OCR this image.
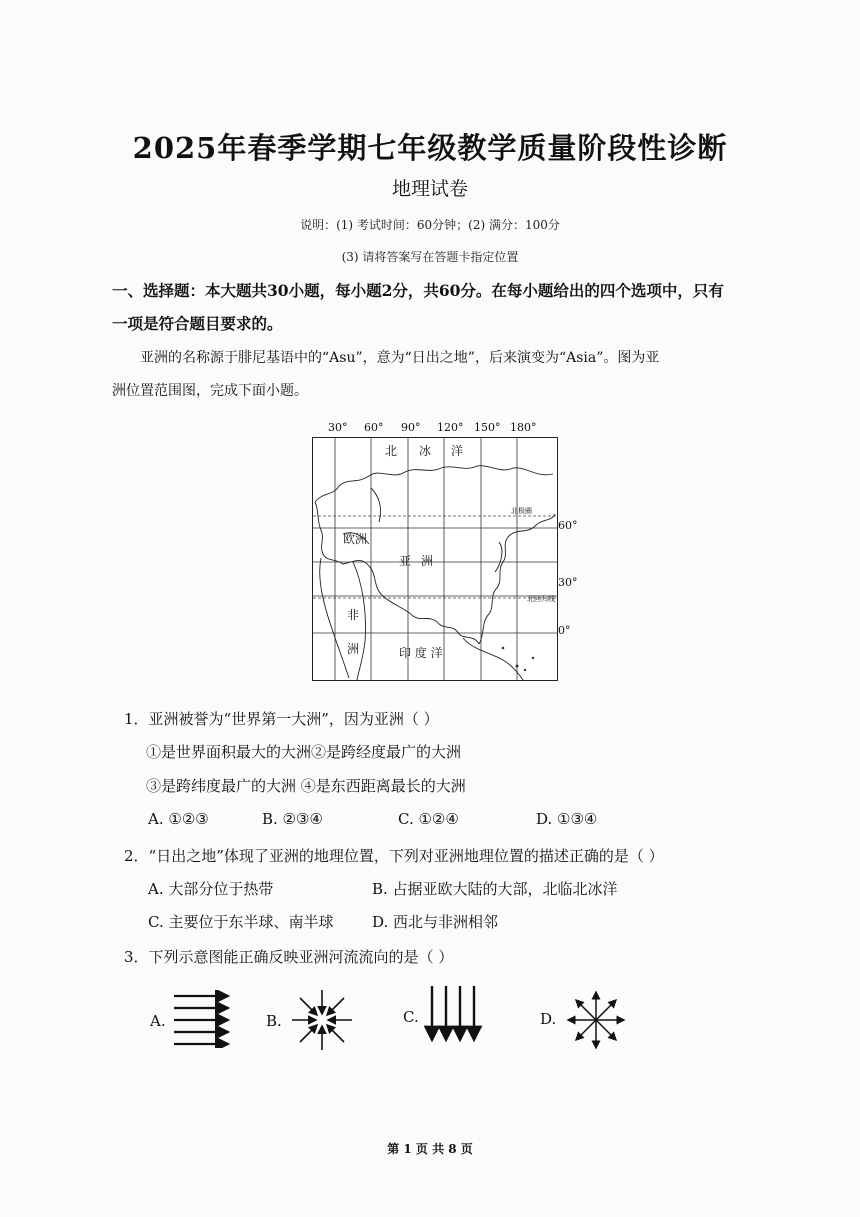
2025年春季学期七年级教学质量阶段性诊断
地理试卷
说明：(1) 考试时间：60分钟；(2) 满分：100分
(3) 请将答案写在答题卡指定位置
一、选择题：本大题共30小题，每小题2分，共60分。在每小题给出的四个选项中，只有
一项是符合题目要求的。
亚洲的名称源于腓尼基语中的“Asu”，意为“日出之地”，后来演变为“Asia”。图为亚
洲位置范围图，完成下面小题。
30° 60° 90° 120° 150° 180°
北 冰 洋
欧洲
亚 洲
非
洲	印 度 洋
北极圈
北回归线
60°
30°
0°
1．亚洲被誉为“世界第一大洲”，因为亚洲（ ）
①是世界面积最大的大洲②是跨经度最广的大洲
③是跨纬度最广的大洲 ④是东西距离最长的大洲
A. ①②③	B. ②③④	C. ①②④	D. ①③④
2．“日出之地”体现了亚洲的地理位置，下列对亚洲地理位置的描述正确的是（ ）
A. 大部分位于热带	B. 占据亚欧大陆的大部，北临北冰洋
C. 主要位于东半球、南半球	D. 西北与非洲相邻
3．下列示意图能正确反映亚洲河流流向的是（ ）
A.	B.	C.	D.
第 1 页 共 8 页
